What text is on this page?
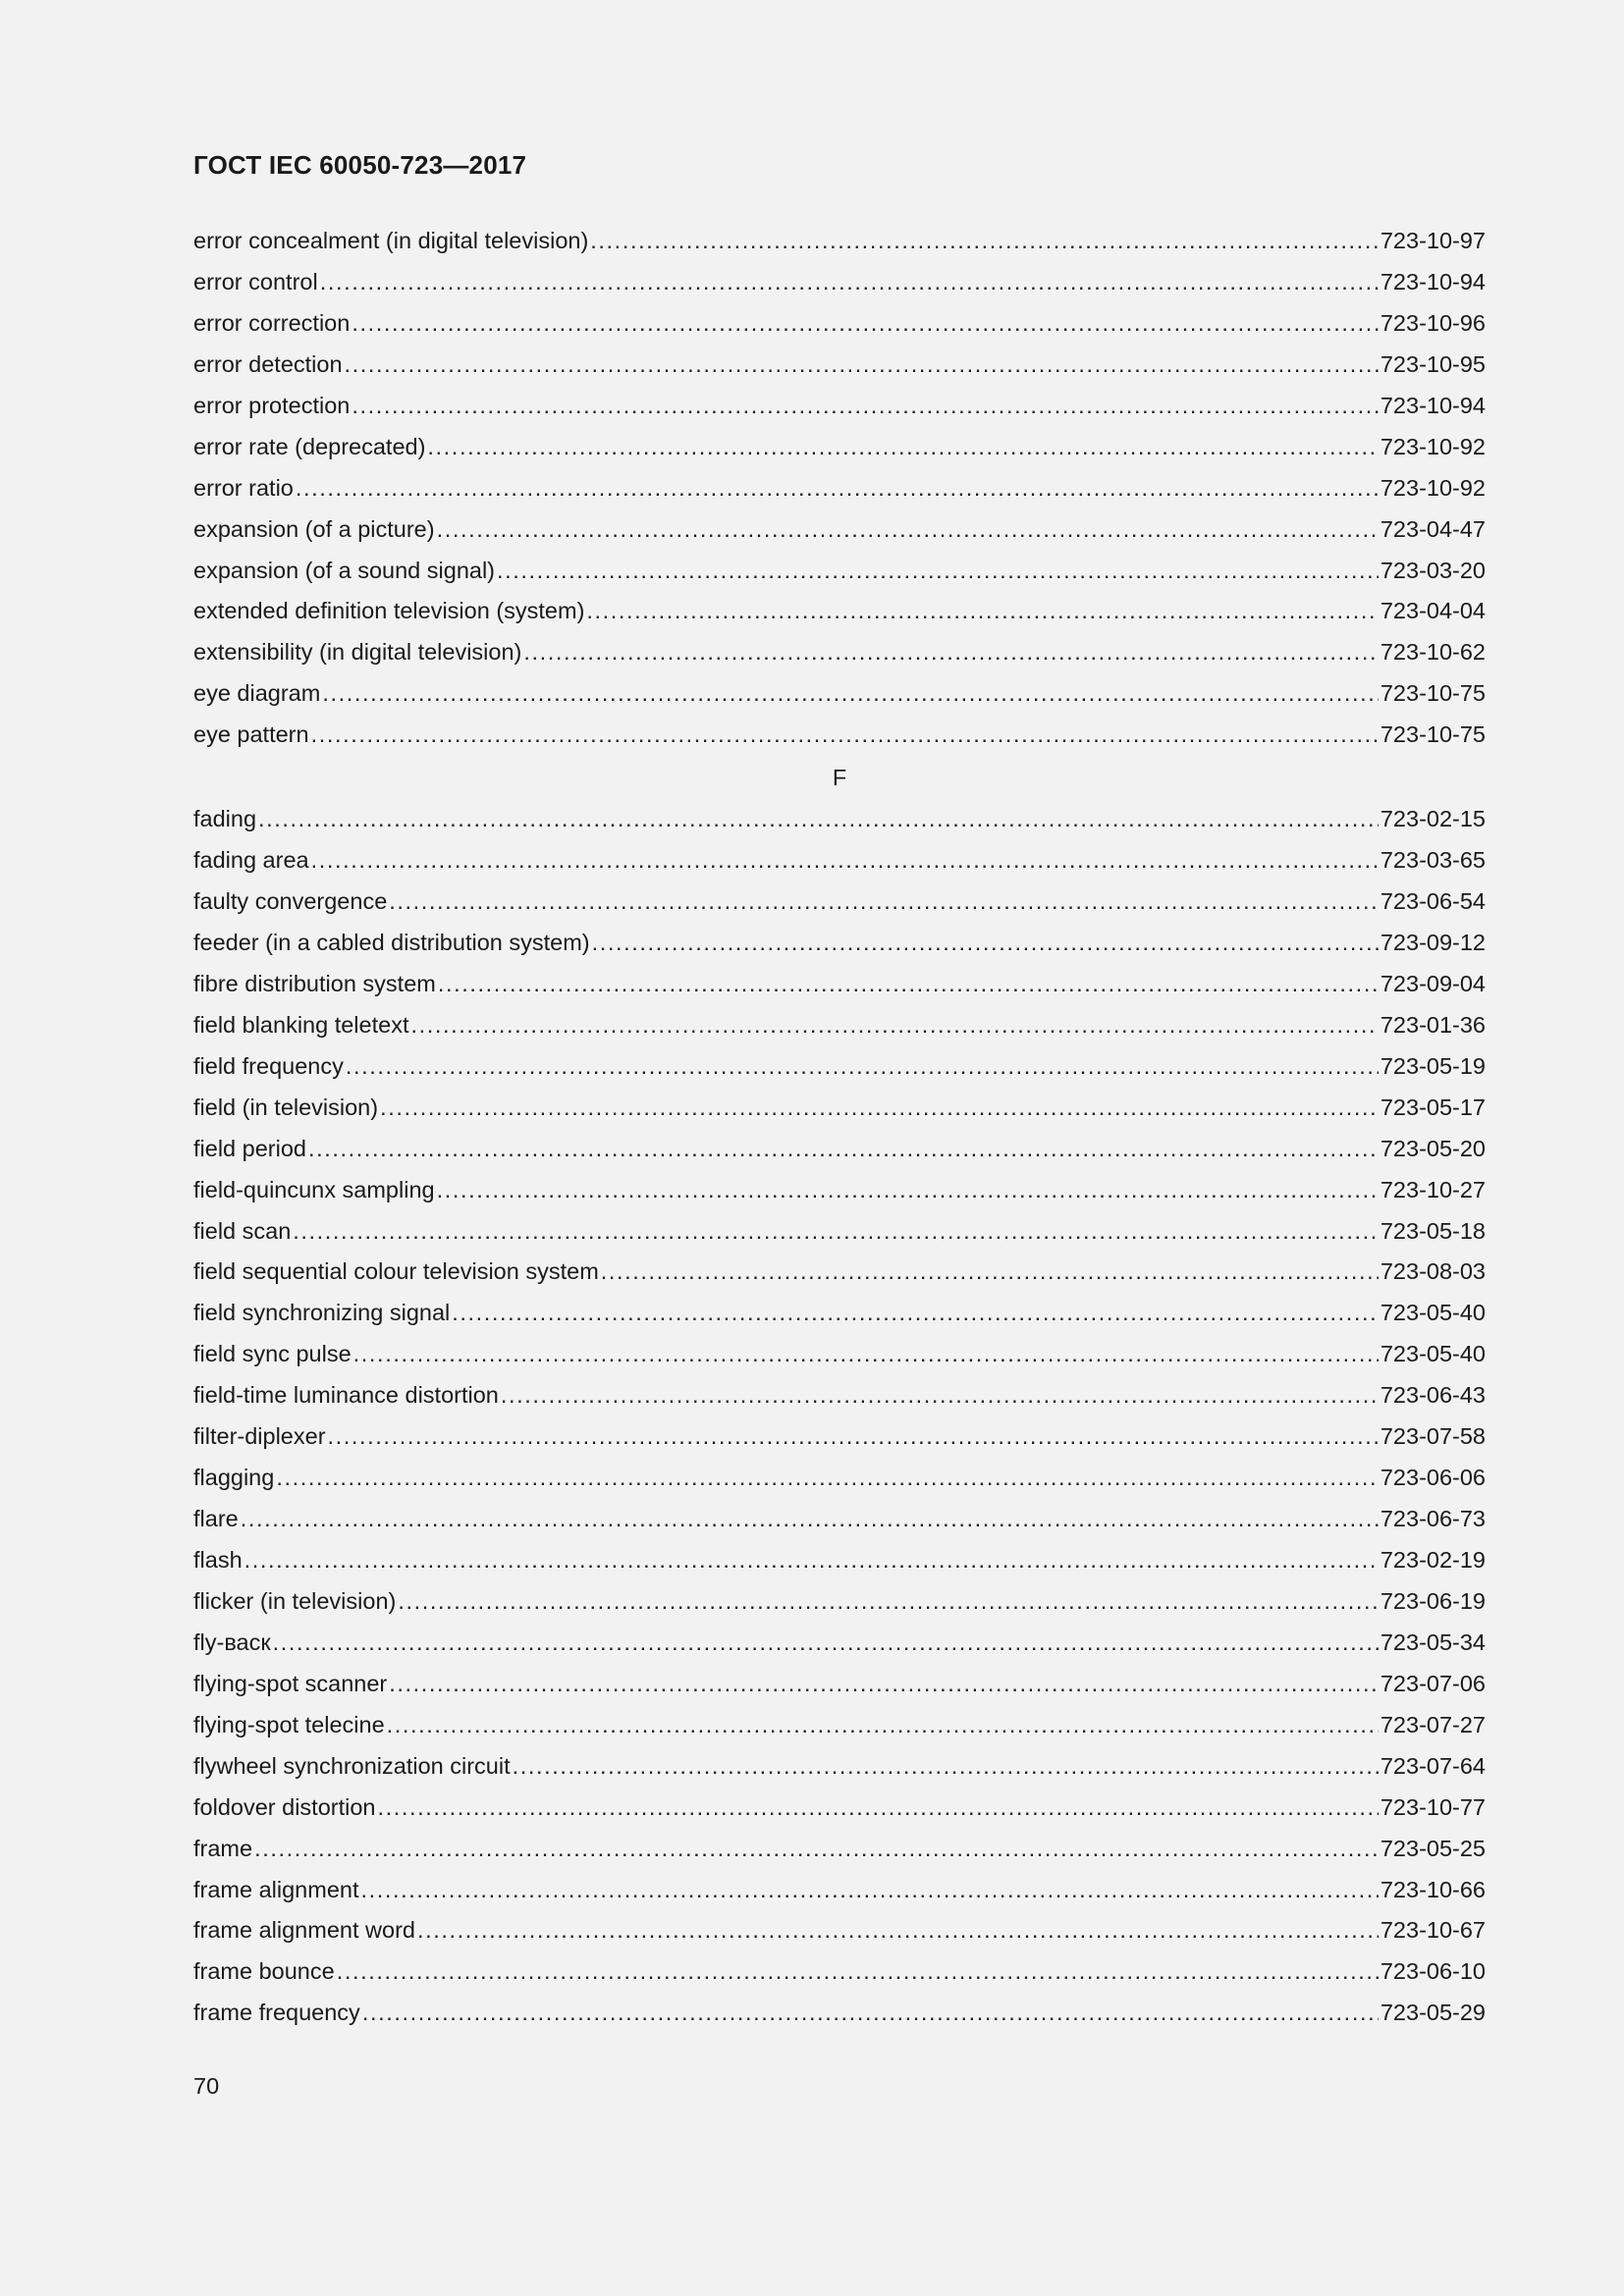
ГОСТ IEC 60050-723—2017
error concealment (in digital television) .....	723-10-97
error control .....	723-10-94
error correction .....	723-10-96
error detection .....	723-10-95
error protection .....	723-10-94
error rate (deprecated) .....	723-10-92
error ratio .....	723-10-92
expansion (of a picture) .....	723-04-47
expansion (of a sound signal) .....	723-03-20
extended definition television (system) .....	723-04-04
extensibility (in digital television) .....	723-10-62
eye diagram .....	723-10-75
eye pattern .....	723-10-75
F
fading .....	723-02-15
fading area .....	723-03-65
faulty convergence .....	723-06-54
feeder (in a cabled distribution system) .....	723-09-12
fibre distribution system .....	723-09-04
field blanking teletext .....	723-01-36
field frequency .....	723-05-19
field (in television) .....	723-05-17
field period .....	723-05-20
field-quincunx sampling .....	723-10-27
field scan .....	723-05-18
field sequential colour television system .....	723-08-03
field synchronizing signal .....	723-05-40
field sync pulse .....	723-05-40
field-time luminance distortion .....	723-06-43
filter-diplexer .....	723-07-58
flagging .....	723-06-06
flare .....	723-06-73
flash .....	723-02-19
flicker (in television) .....	723-06-19
fly-васк .....	723-05-34
flying-spot scanner .....	723-07-06
flying-spot telecine .....	723-07-27
flywheel synchronization circuit .....	723-07-64
foldover distortion .....	723-10-77
frame .....	723-05-25
frame alignment .....	723-10-66
frame alignment word .....	723-10-67
frame bounce .....	723-06-10
frame frequency .....	723-05-29
70
